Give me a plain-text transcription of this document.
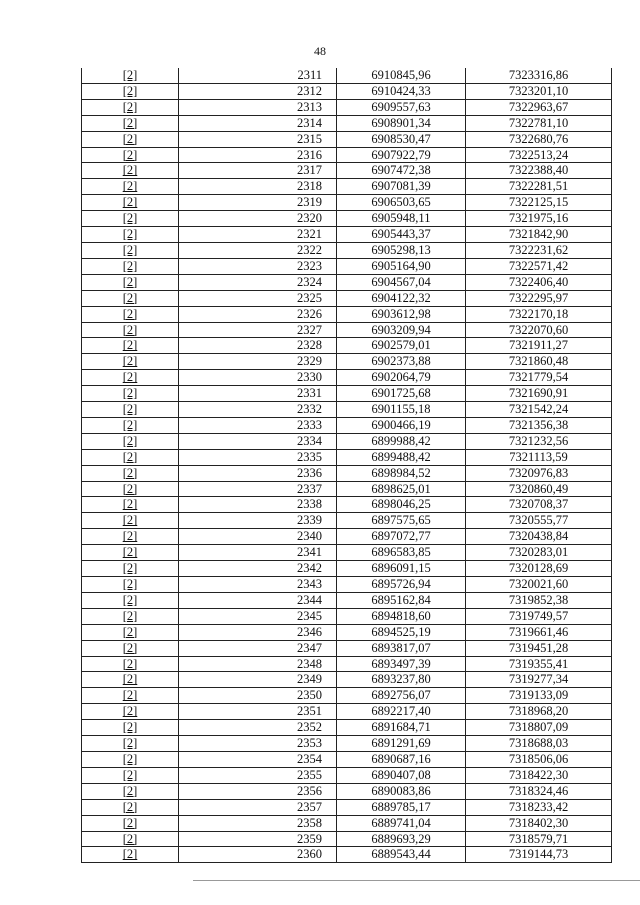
48
[2]	2311	6910845,96	7323316,86
[2]	2312	6910424,33	7323201,10
[2]	2313	6909557,63	7322963,67
[2]	2314	6908901,34	7322781,10
[2]	2315	6908530,47	7322680,76
[2]	2316	6907922,79	7322513,24
[2]	2317	6907472,38	7322388,40
[2]	2318	6907081,39	7322281,51
[2]	2319	6906503,65	7322125,15
[2]	2320	6905948,11	7321975,16
[2]	2321	6905443,37	7321842,90
[2]	2322	6905298,13	7322231,62
[2]	2323	6905164,90	7322571,42
[2]	2324	6904567,04	7322406,40
[2]	2325	6904122,32	7322295,97
[2]	2326	6903612,98	7322170,18
[2]	2327	6903209,94	7322070,60
[2]	2328	6902579,01	7321911,27
[2]	2329	6902373,88	7321860,48
[2]	2330	6902064,79	7321779,54
[2]	2331	6901725,68	7321690,91
[2]	2332	6901155,18	7321542,24
[2]	2333	6900466,19	7321356,38
[2]	2334	6899988,42	7321232,56
[2]	2335	6899488,42	7321113,59
[2]	2336	6898984,52	7320976,83
[2]	2337	6898625,01	7320860,49
[2]	2338	6898046,25	7320708,37
[2]	2339	6897575,65	7320555,77
[2]	2340	6897072,77	7320438,84
[2]	2341	6896583,85	7320283,01
[2]	2342	6896091,15	7320128,69
[2]	2343	6895726,94	7320021,60
[2]	2344	6895162,84	7319852,38
[2]	2345	6894818,60	7319749,57
[2]	2346	6894525,19	7319661,46
[2]	2347	6893817,07	7319451,28
[2]	2348	6893497,39	7319355,41
[2]	2349	6893237,80	7319277,34
[2]	2350	6892756,07	7319133,09
[2]	2351	6892217,40	7318968,20
[2]	2352	6891684,71	7318807,09
[2]	2353	6891291,69	7318688,03
[2]	2354	6890687,16	7318506,06
[2]	2355	6890407,08	7318422,30
[2]	2356	6890083,86	7318324,46
[2]	2357	6889785,17	7318233,42
[2]	2358	6889741,04	7318402,30
[2]	2359	6889693,29	7318579,71
[2]	2360	6889543,44	7319144,73
